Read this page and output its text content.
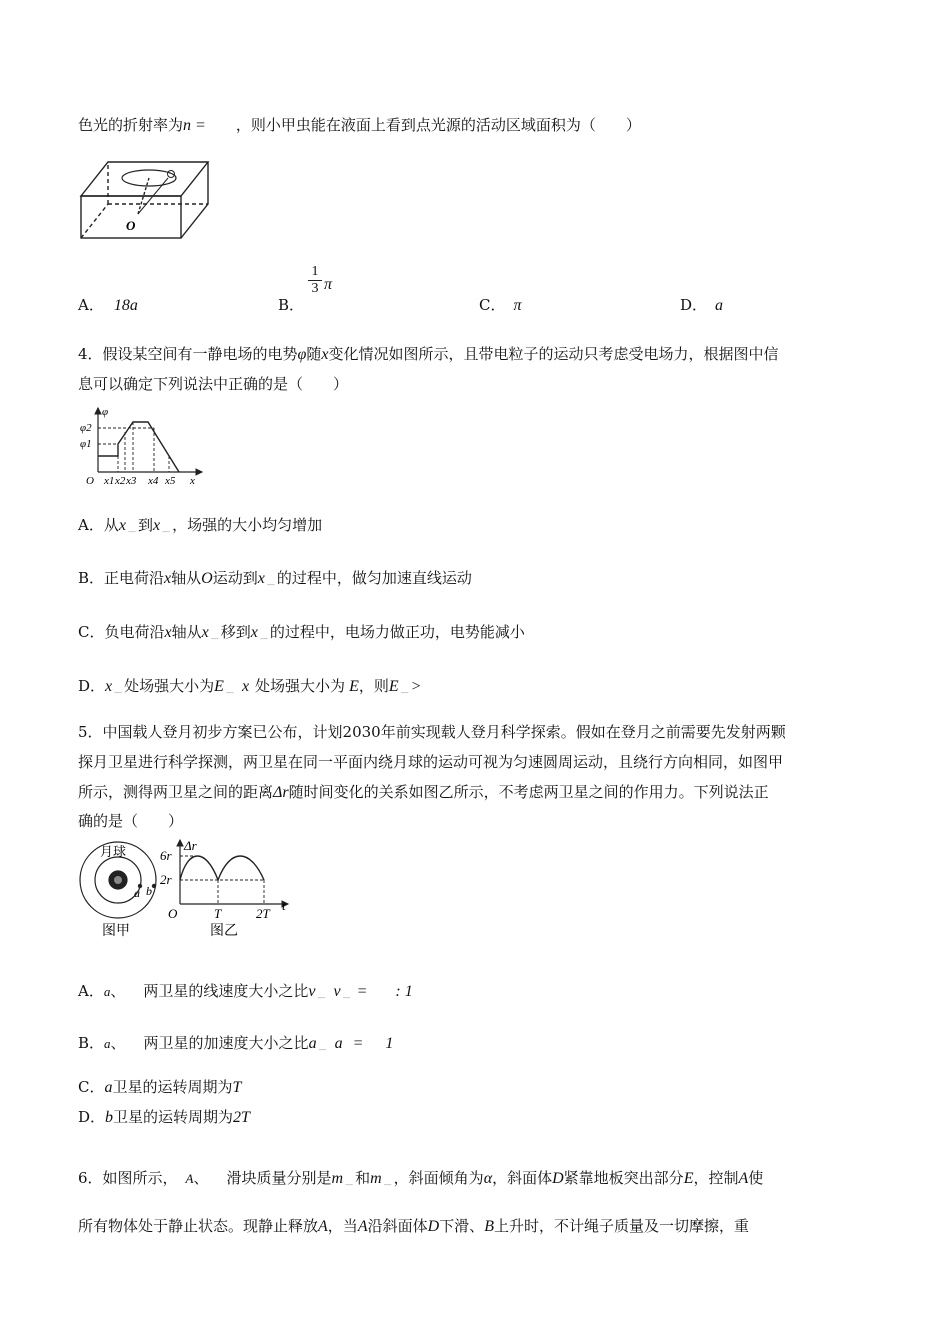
色光的折射率为n = ，则小甲虫能在液面上看到点光源的活动区域面积为（　　）
O
A． 18a	B．
1
3 π
C． π	D． a
4．假设某空间有一静电场的电势φ随x变化情况如图所示，且带电粒子的运动只考虑受电场力，根据图中信
息可以确定下列说法中正确的是（　　）
φ
φ2
φ1
O x1 x2 x3 x4 x5 x
A．从x $_—$ 到x $_—$ ，场强的大小均匀增加
B．正电荷沿x轴从O运动到x $_—$ 的过程中，做匀加速直线运动
C．负电荷沿x轴从x $_—$ 移到x $_—$ 的过程中，电场力做正功，电势能减小
D．x $_—$ 处场强大小为E $_—$ x 处场强大小为 E，则E $_—$ >
5．中国载人登月初步方案已公布，计划2030年前实现载人登月科学探索。假如在登月之前需要先发射两颗
探月卫星进行科学探测，两卫星在同一平面内绕月球的运动可视为匀速圆周运动，且绕行方向相同，如图甲
所示，测得两卫星之间的距离Δr随时间变化的关系如图乙所示，不考虑两卫星之间的作用力。下列说法正
确的是（　　）
月球
a b
图甲
Δr
6r
2r
O	T	2T
t
图乙
A．a、 两卫星的线速度大小之比v $_—$ v $_—$ = : 1
B．a、 两卫星的加速度大小之比a $_—$ a = 1
C．a卫星的运转周期为T
D．b卫星的运转周期为2T
6．如图所示， A、 滑块质量分别是m $_—$ 和m $_—$ ，斜面倾角为α，斜面体D紧靠地板突出部分E，控制A使
所有物体处于静止状态。现静止释放A，当A沿斜面体D下滑、B上升时，不计绳子质量及一切摩擦，重
